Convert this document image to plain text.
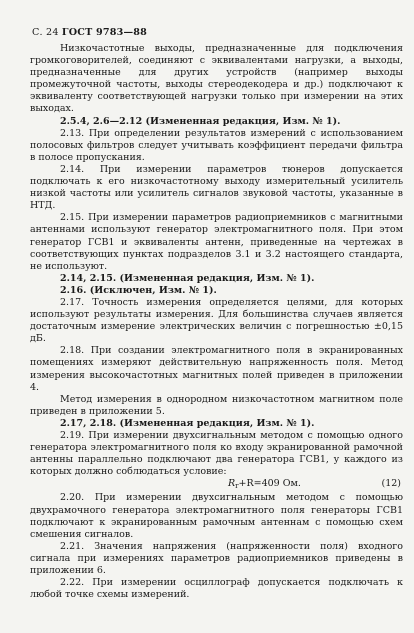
С. 24 ГОСТ 9783—88

Низкочастотные выходы, предназначенные для подключения громкоговорителей, соединяют с эквивалентами нагрузки, а выходы, предназначенные для других устройств (например выходы промежуточной частоты, выходы стереодекодера и др.) подключают к эквиваленту соответствующей нагрузки только при измерении на этих выходах.

2.5.4, 2.6—2.12 (Измененная редакция, Изм. № 1).

2.13. При определении результатов измерений с использованием полосовых фильтров следует учитывать коэффициент передачи фильтра в полосе пропускания.

2.14. При измерении параметров тюнеров допускается подключать к его низкочастотному выходу измерительный усилитель низкой частоты или усилитель сигналов звуковой частоты, указанные в НТД.

2.15. При измерении параметров радиоприемников с магнитными антеннами используют генератор электромагнитного поля. При этом генератор ГСВ1 и эквиваленты антенн, приведенные на чертежах в соответствующих пунктах подразделов 3.1 и 3.2 настоящего стандарта, не используют.

2.14, 2.15. (Измененная редакция, Изм. № 1).

2.16. (Исключен, Изм. № 1).

2.17. Точность измерения определяется целями, для которых используют результаты измерения. Для большинства случаев является достаточным измерение электрических величин с погрешностью ±0,15 дБ.

2.18. При создании электромагнитного поля в экранированных помещениях измеряют действительную напряженность поля. Метод измерения высокочастотных магнитных полей приведен в приложении 4.

Метод измерения в однородном низкочастотном магнитном поле приведен в приложении 5.

2.17, 2.18. (Измененная редакция, Изм. № 1).

2.19. При измерении двухсигнальным методом с помощью одного генератора электромагнитного поля ко входу экранированной рамочной антенны параллельно подключают два генератора ГСВ1, у каждого из которых должно соблюдаться условие:

$R_r+R=409$ Ом.	(12)

2.20. При измерении двухсигнальным методом с помощью двухрамочного генератора электромагнитного поля генераторы ГСВ1 подключают к экранированным рамочным антеннам с помощью схем смешения сигналов.

2.21. Значения напряжения (напряженности поля) входного сигнала при измерениях параметров радиоприемников приведены в приложении 6.

2.22. При измерении осциллограф допускается подключать к любой точке схемы измерений.
